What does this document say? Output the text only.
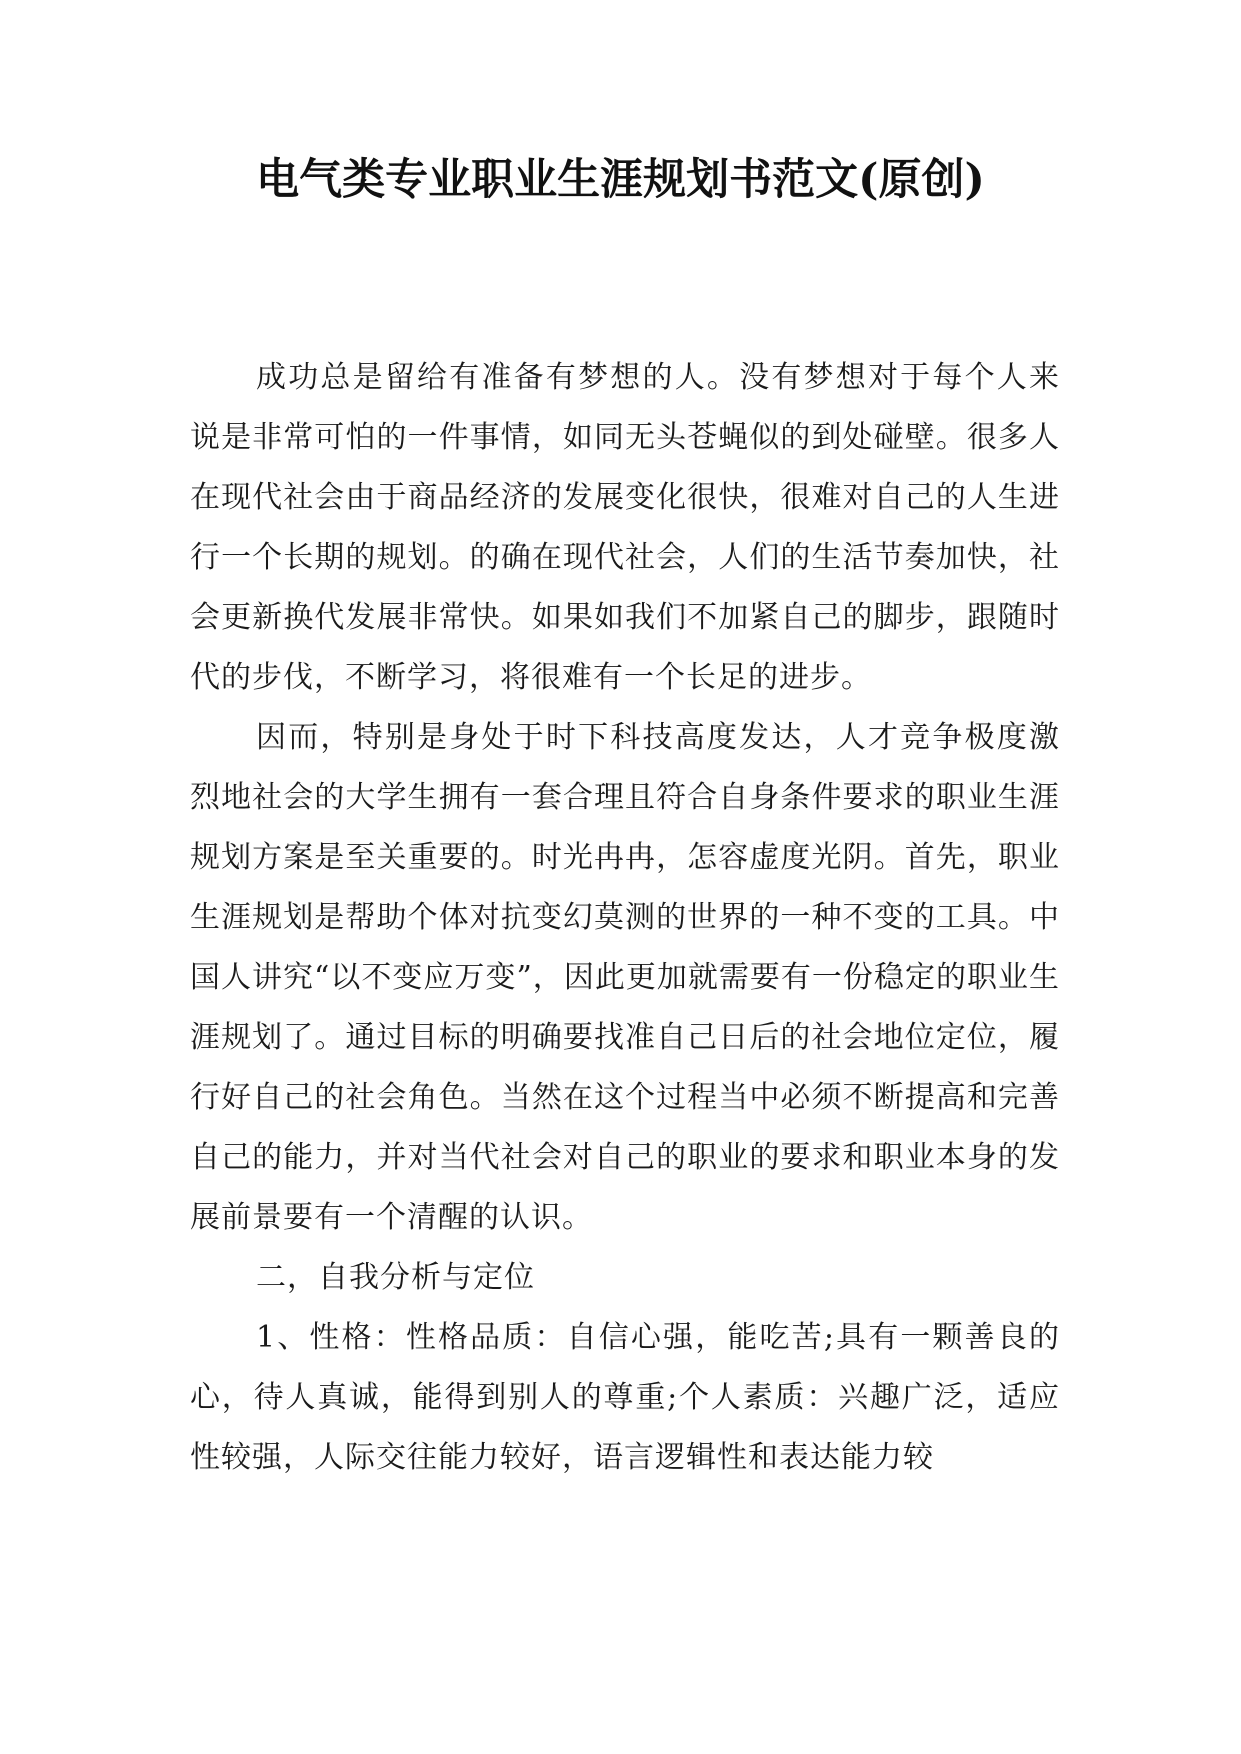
电气类专业职业生涯规划书范文(原创)

成功总是留给有准备有梦想的人。没有梦想对于每个人来说是非常可怕的一件事情，如同无头苍蝇似的到处碰壁。很多人在现代社会由于商品经济的发展变化很快，很难对自己的人生进行一个长期的规划。的确在现代社会，人们的生活节奏加快，社会更新换代发展非常快。如果如我们不加紧自己的脚步，跟随时代的步伐，不断学习，将很难有一个长足的进步。

因而，特别是身处于时下科技高度发达，人才竞争极度激烈地社会的大学生拥有一套合理且符合自身条件要求的职业生涯规划方案是至关重要的。时光冉冉，怎容虚度光阴。首先，职业生涯规划是帮助个体对抗变幻莫测的世界的一种不变的工具。中国人讲究“以不变应万变”，因此更加就需要有一份稳定的职业生涯规划了。通过目标的明确要找准自己日后的社会地位定位，履行好自己的社会角色。当然在这个过程当中必须不断提高和完善自己的能力，并对当代社会对自己的职业的要求和职业本身的发展前景要有一个清醒的认识。

二，自我分析与定位

1、性格：性格品质：自信心强，能吃苦;具有一颗善良的心，待人真诚，能得到别人的尊重;个人素质：兴趣广泛，适应性较强，人际交往能力较好，语言逻辑性和表达能力较
